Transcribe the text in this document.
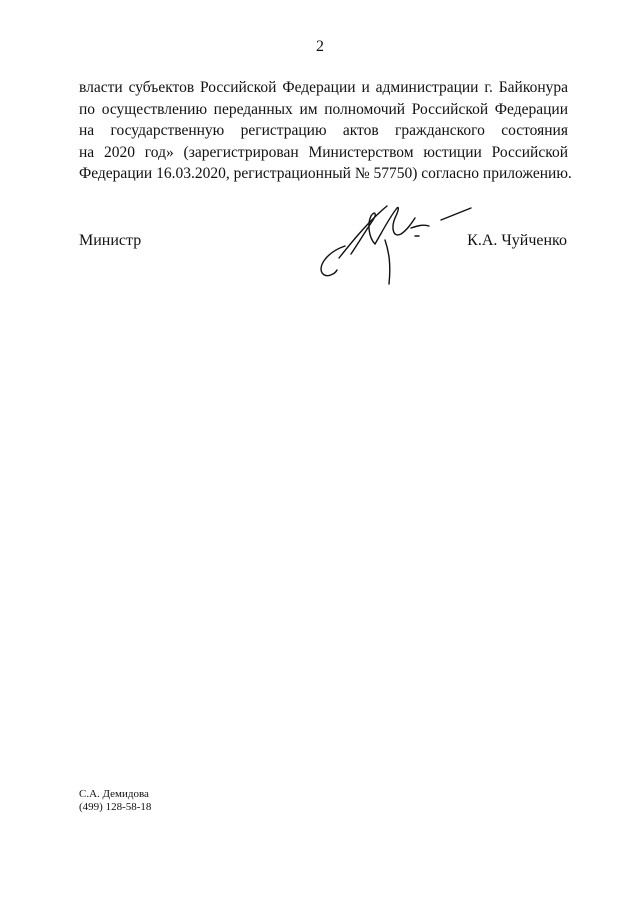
2
власти субъектов Российской Федерации и администрации г. Байконура
по осуществлению переданных им полномочий Российской Федерации
на государственную регистрацию актов гражданского состояния
на 2020 год» (зарегистрирован Министерством юстиции Российской
Федерации 16.03.2020, регистрационный № 57750) согласно приложению.
Министр	К.А. Чуйченко
С.А. Демидова
(499) 128-58-18
